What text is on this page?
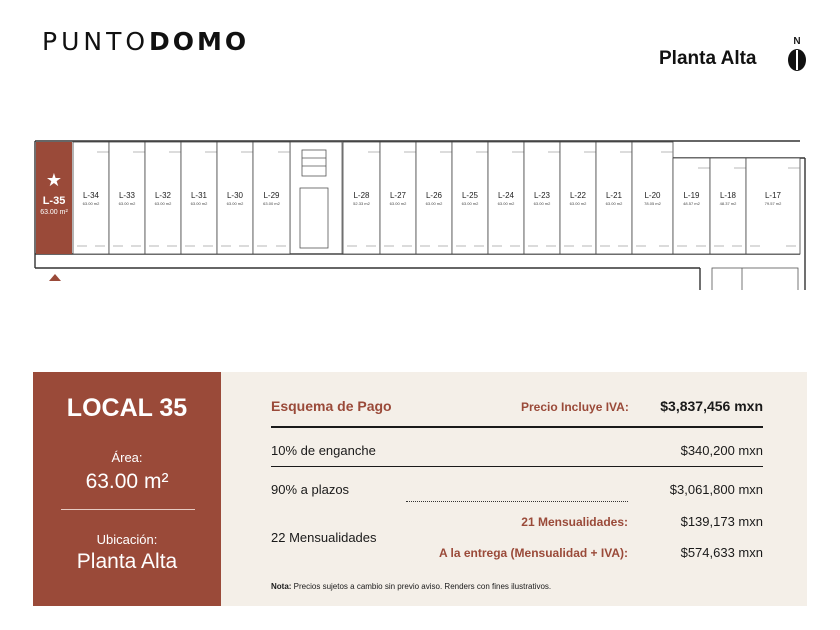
PUNTODOMO
Planta Alta
N
★
L-35
63.00 m²
L-34
63.00 m2
L-33
63.00 m2
L-32
63.00 m2
L-31
63.00 m2
L-30
63.00 m2
L-29
63.00 m2
L-28
52.33 m2
L-27
63.00 m2
L-26
63.00 m2
L-25
63.00 m2
L-24
63.00 m2
L-23
63.00 m2
L-22
63.00 m2
L-21
63.00 m2
L-20
78.05 m2
L-19
48.57 m2
L-18
48.37 m2
L-17
79.57 m2
LOCAL 35
Área:
63.00 m²
Ubicación:
Planta Alta
Esquema de Pago	Precio Incluye IVA:	$3,837,456 mxn
10% de enganche	$340,200 mxn
90% a plazos	$3,061,800 mxn
22 Mensualidades
21 Mensualidades:	$139,173 mxn
A la entrega (Mensualidad + IVA):	$574,633 mxn
Nota: Precios sujetos a cambio sin previo aviso. Renders con fines ilustrativos.
